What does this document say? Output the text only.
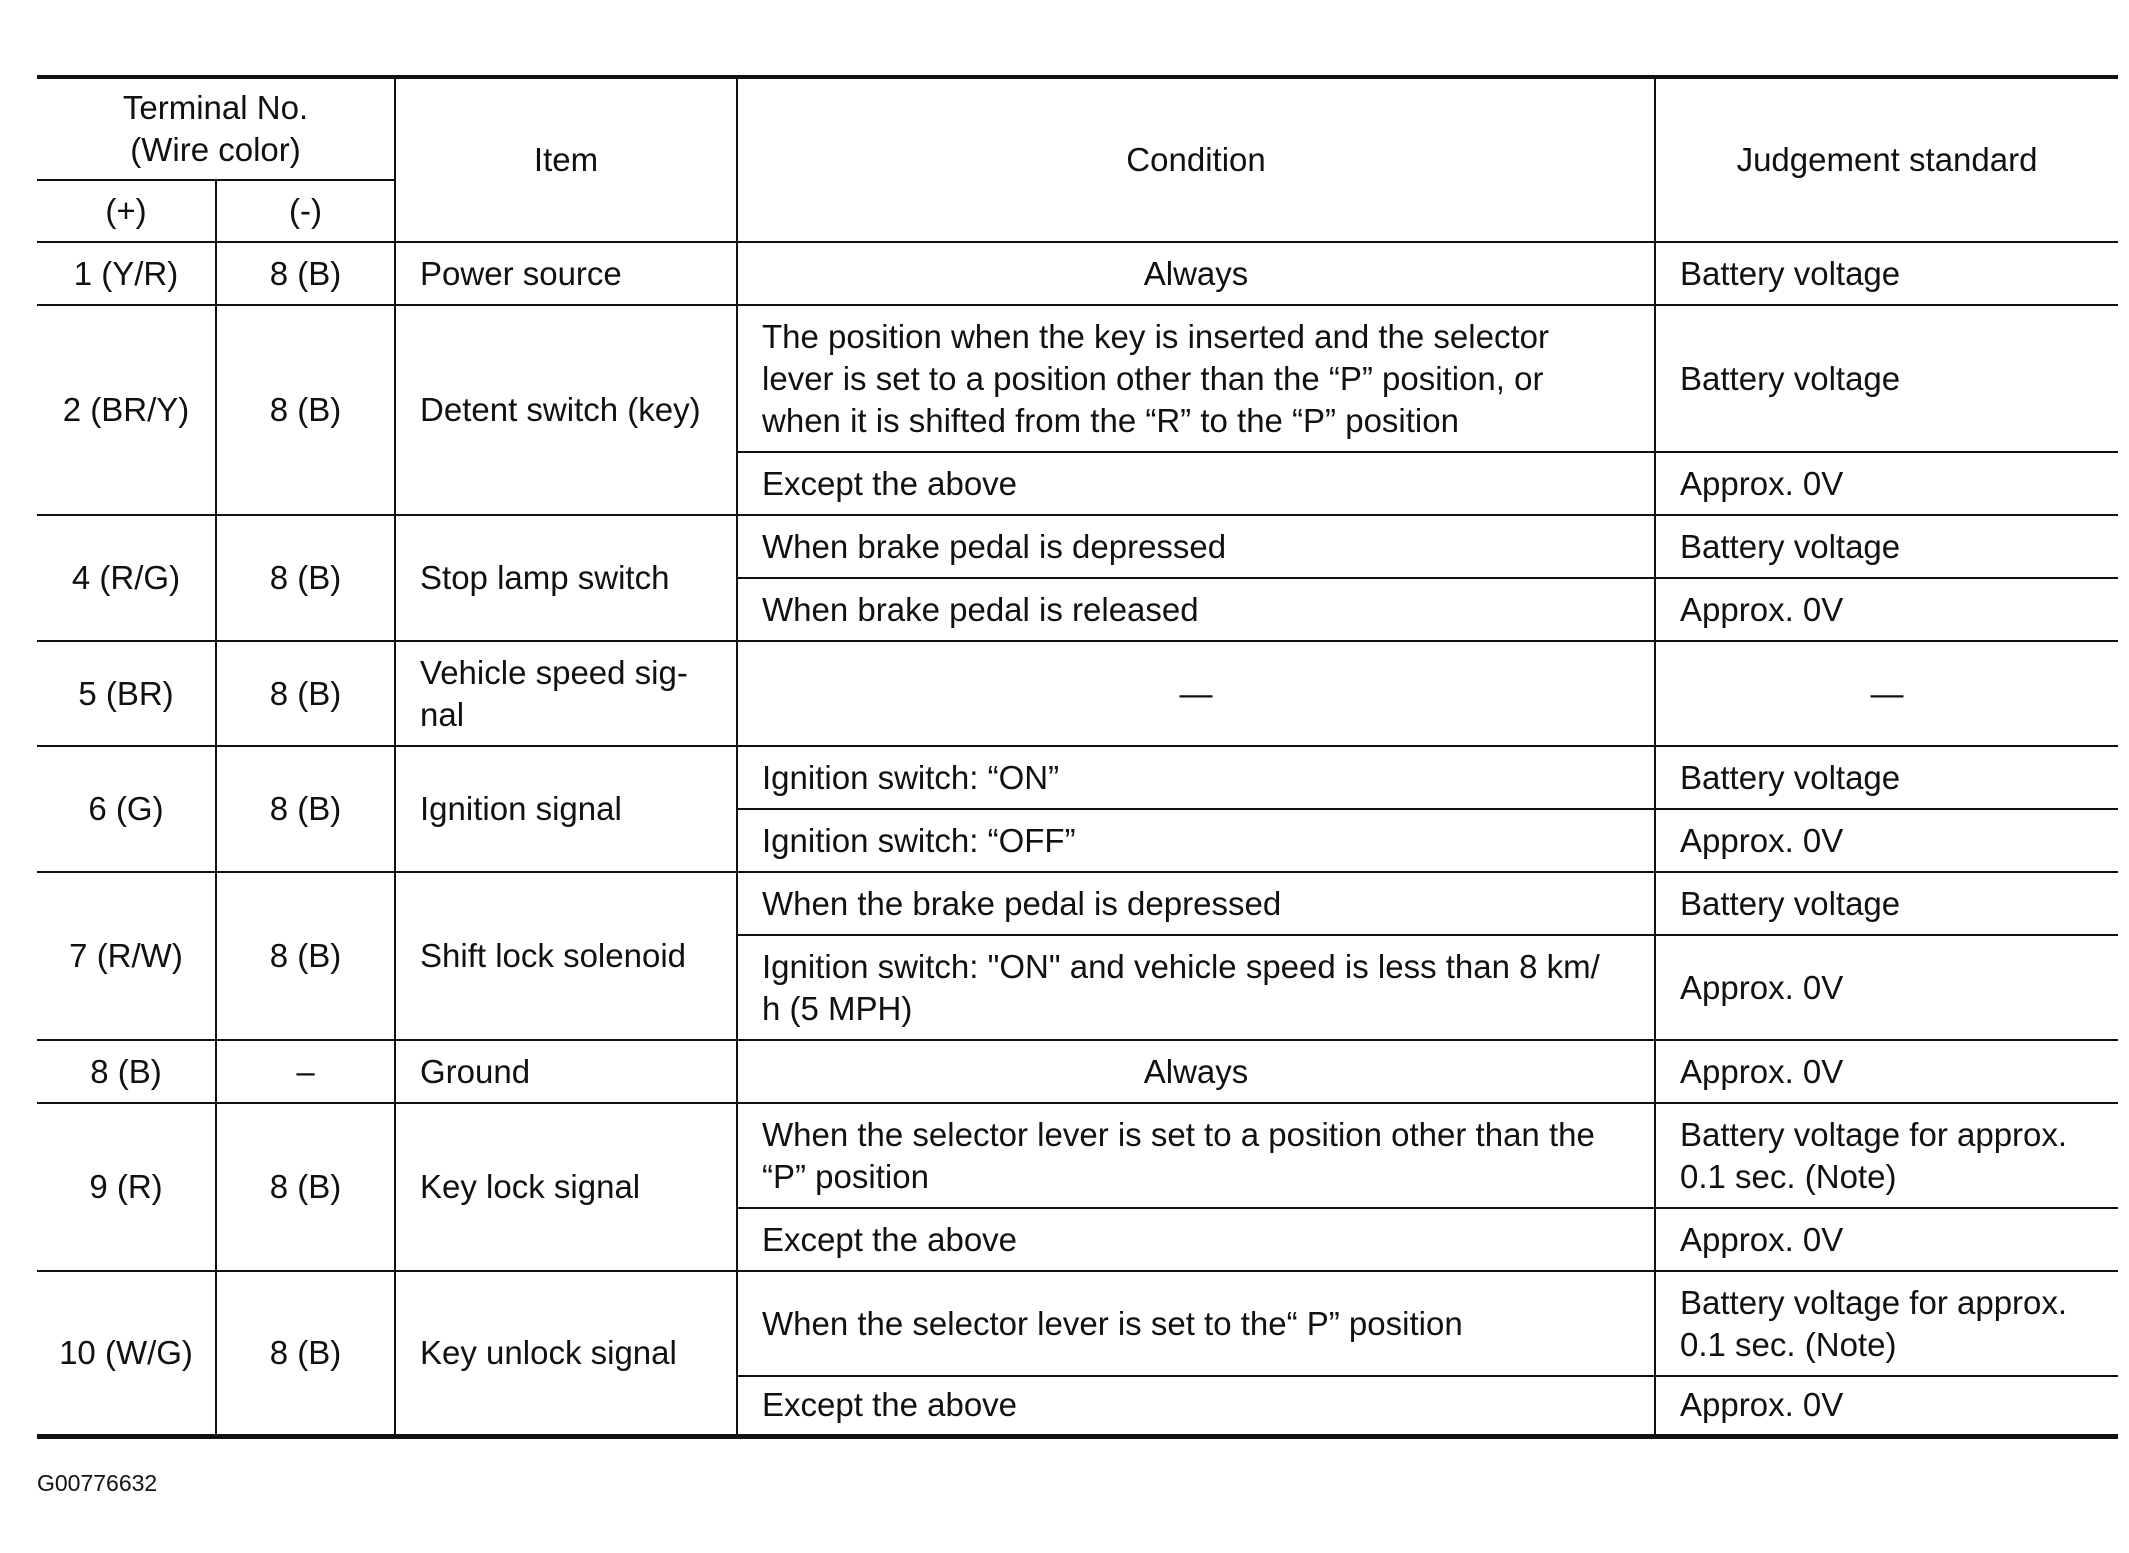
Terminal No.
(Wire color)		Item	Condition	Judgement standard
(+)	(-)			
1 (Y/R)	8 (B)	Power source	Always	Battery voltage
2 (BR/Y)	8 (B)	Detent switch (key)	The position when the key is inserted and the selector
lever is set to a position other than the “P” position, or
when it is shifted from the “R” to the “P” position	Battery voltage
			Except the above	Approx. 0V
4 (R/G)	8 (B)	Stop lamp switch	When brake pedal is depressed	Battery voltage
			When brake pedal is released	Approx. 0V
5 (BR)	8 (B)	Vehicle speed sig-
nal	—	—
6 (G)	8 (B)	Ignition signal	Ignition switch: “ON”	Battery voltage
			Ignition switch: “OFF”	Approx. 0V
7 (R/W)	8 (B)	Shift lock solenoid	When the brake pedal is depressed	Battery voltage
			Ignition switch: "ON" and vehicle speed is less than 8 km/
h (5 MPH)	Approx. 0V
8 (B)	–	Ground	Always	Approx. 0V
9 (R)	8 (B)	Key lock signal	When the selector lever is set to a position other than the
“P” position	Battery voltage for approx.
0.1 sec. (Note)
			Except the above	Approx. 0V
10 (W/G)	8 (B)	Key unlock signal	When the selector lever is set to the“ P” position	Battery voltage for approx.
0.1 sec. (Note)
			Except the above	Approx. 0V
G00776632
